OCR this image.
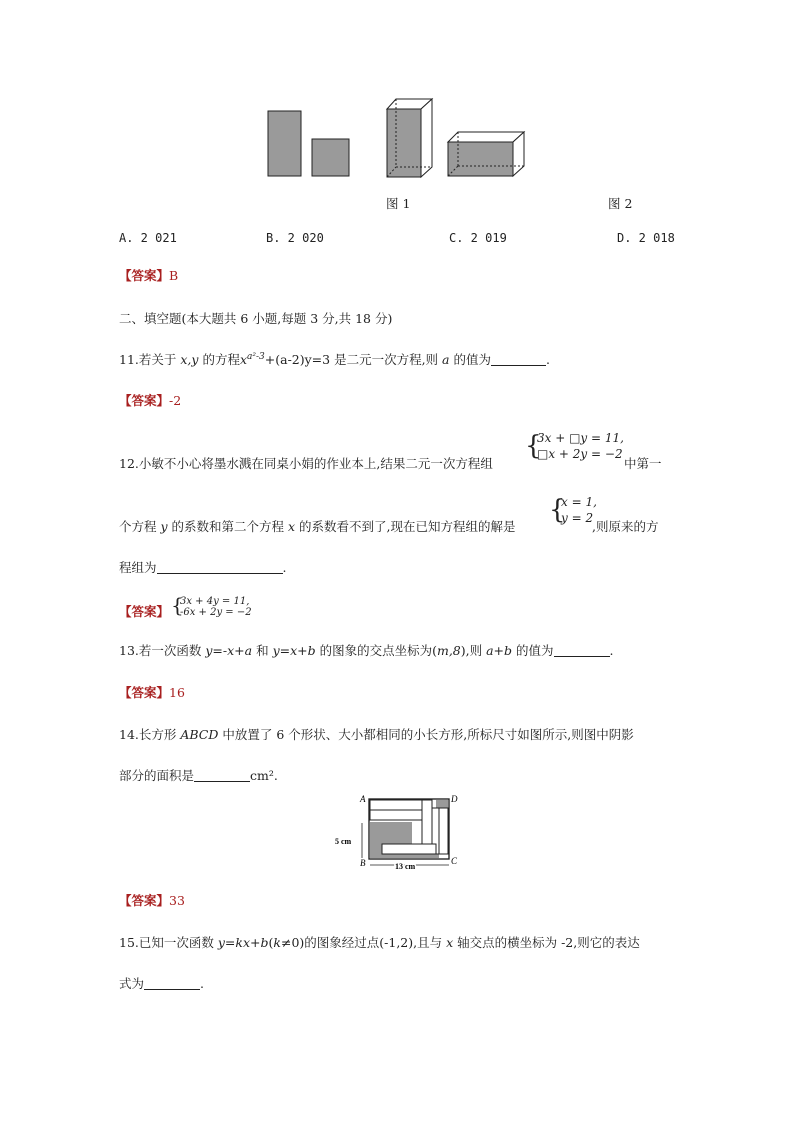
图 1	图 2
A. 2 021	B. 2 020	C. 2 019	D. 2 018
【答案】B
二、填空题(本大题共 6 小题,每题 3 分,共 18 分)
11.若关于 x,y 的方程$x^{a^2-3}+(a-2)y=3$ 是二元一次方程,则 a 的值为	.
【答案】-2
12.小敏不小心将墨水溅在同桌小娟的作业本上,结果二元一次方程组
{
3x + □y = 11,
□x + 2y = −2
中第一
个方程 y 的系数和第二个方程 x 的系数看不到了,现在已知方程组的解是
{
x = 1,
y = 2
,则原来的方
程组为	.
【答案】 {
3x + 4y = 11,
-6x + 2y = −2
13.若一次函数 y=-x+a 和 y=x+b 的图象的交点坐标为(m,8),则 a+b 的值为	.
【答案】16
14.长方形 ABCD 中放置了 6 个形状、大小都相同的小长方形,所标尺寸如图所示,则图中阴影
部分的面积是	cm².
A	D
B	C
5 cm
13 cm
【答案】33
15.已知一次函数 y=kx+b(k≠0)的图象经过点(-1,2),且与 x 轴交点的横坐标为 -2,则它的表达
式为	.
